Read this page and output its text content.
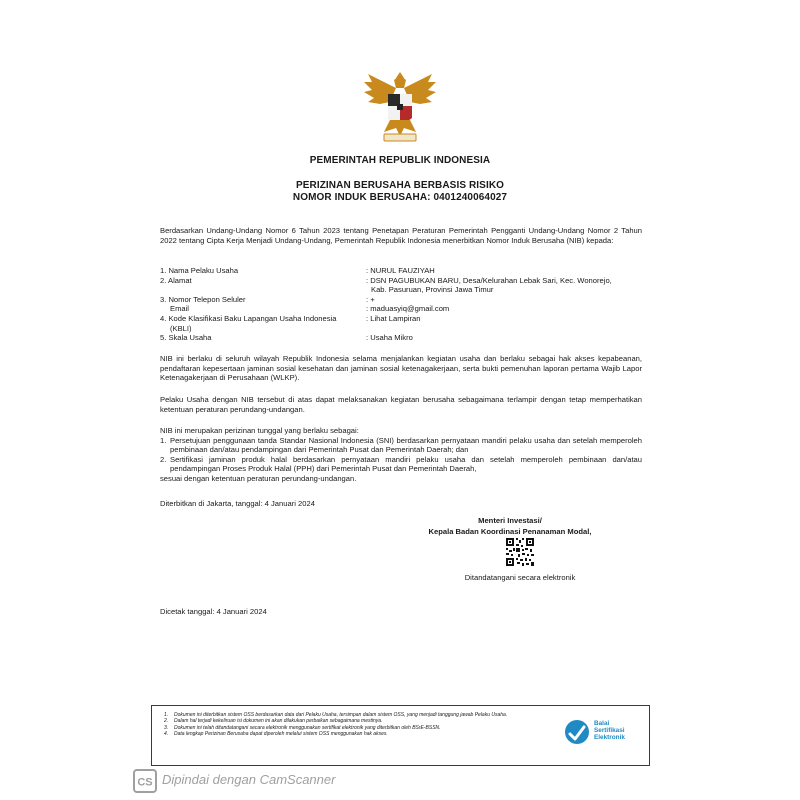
PEMERINTAH REPUBLIK INDONESIA
PERIZINAN BERUSAHA BERBASIS RISIKO
NOMOR INDUK BERUSAHA: 0401240064027
Berdasarkan Undang-Undang Nomor 6 Tahun 2023 tentang Penetapan Peraturan Pemerintah Pengganti Undang-Undang Nomor 2 Tahun 2022 tentang Cipta Kerja Menjadi Undang-Undang, Pemerintah Republik Indonesia menerbitkan Nomor Induk Berusaha (NIB) kepada:
1. Nama Pelaku Usaha	: NURUL FAUZIYAH
2. Alamat	: DSN PAGUBUKAN BARU, Desa/Kelurahan Lebak Sari, Kec. Wonorejo,
Kab. Pasuruan, Provinsi Jawa Timur
3. Nomor Telepon Seluler	: +
Email	: maduasyiq@gmail.com
4. Kode Klasifikasi Baku Lapangan Usaha Indonesia	: Lihat Lampiran
(KBLI)
5. Skala Usaha	: Usaha Mikro
NIB ini berlaku di seluruh wilayah Republik Indonesia selama menjalankan kegiatan usaha dan berlaku sebagai hak akses kepabeanan, pendaftaran kepesertaan jaminan sosial kesehatan dan jaminan sosial ketenagakerjaan, serta bukti pemenuhan laporan pertama Wajib Lapor Ketenagakerjaan di Perusahaan (WLKP).
Pelaku Usaha dengan NIB tersebut di atas dapat melaksanakan kegiatan berusaha sebagaimana terlampir dengan tetap memperhatikan ketentuan peraturan perundang-undangan.
NIB ini merupakan perizinan tunggal yang berlaku sebagai:
1. Persetujuan penggunaan tanda Standar Nasional Indonesia (SNI) berdasarkan pernyataan mandiri pelaku usaha dan setelah memperoleh pembinaan dan/atau pendampingan dari Pemerintah Pusat dan Pemerintah Daerah; dan
2. Sertifikasi jaminan produk halal berdasarkan pernyataan mandiri pelaku usaha dan setelah memperoleh pembinaan dan/atau pendampingan Proses Produk Halal (PPH) dari Pemerintah Pusat dan Pemerintah Daerah,
sesuai dengan ketentuan peraturan perundang-undangan.
Diterbitkan di Jakarta, tanggal: 4 Januari 2024
Menteri Investasi/
Kepala Badan Koordinasi Penanaman Modal,
Ditandatangani secara elektronik
Dicetak tanggal: 4 Januari 2024
1.	Dokumen ini diterbitkan sistem OSS berdasarkan data dari Pelaku Usaha, tersimpan dalam sistem OSS, yang menjadi tanggung jawab Pelaku Usaha.
2.	Dalam hal terjadi kekeliruan isi dokumen ini akan dilakukan perbaikan sebagaimana mestinya.
3.	Dokumen ini telah ditandatangani secara elektronik menggunakan sertifikat elektronik yang diterbitkan oleh BSrE-BSSN.
4.	Data lengkap Perizinan Berusaha dapat diperoleh melalui sistem OSS menggunakan hak akses.
Balai
Sertifikasi
Elektronik
CS Dipindai dengan CamScanner
